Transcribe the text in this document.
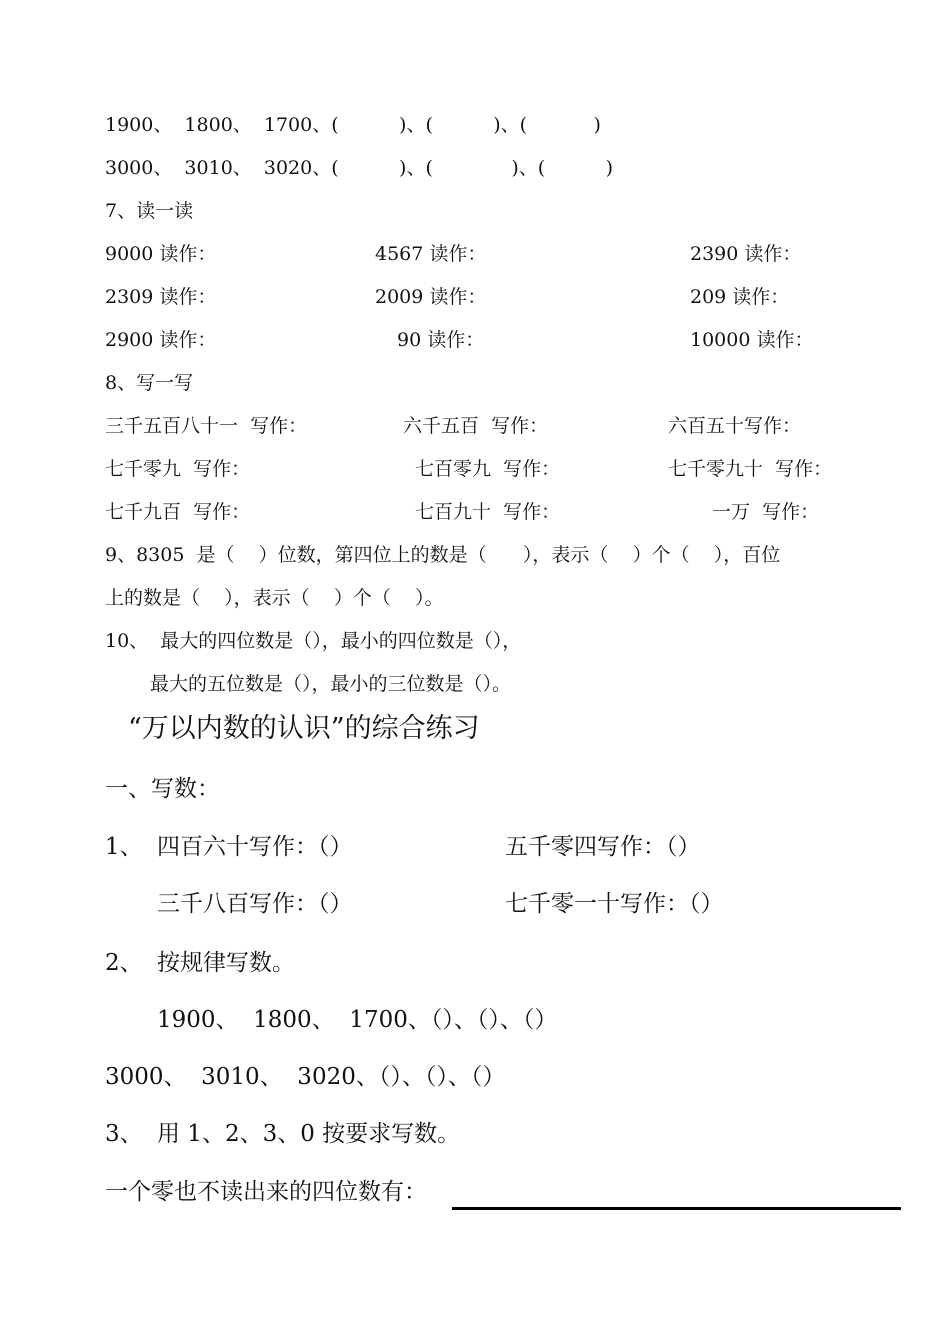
1900、  1800、  1700、(          )、(          )、(           )
3000、  3010、  3020、(          )、(             )、(          )
7、读一读
9000 读作：	4567 读作：	2390 读作：
2309 读作：	2009 读作：	209 读作：
2900 读作：	90 读作：	10000 读作：
8、写一写
三千五百八十一  写作：	六千五百  写作：	六百五十写作：
七千零九  写作：	七百零九  写作：	七千零九十  写作：
七千九百  写作：	七百九十  写作：	一万  写作：
9、8305  是（    ）位数，第四位上的数是（      ），表示（    ）个（    ），百位
上的数是（    ），表示（    ）个（    ）。
10、  最大的四位数是（），最小的四位数是（），
最大的五位数是（），最小的三位数是（）。
“万以内数的认识”的综合练习
一、写数：
1、 四百六十写作：（）	五千零四写作：（）
三千八百写作：（）	七千零一十写作：（）
2、 按规律写数。
1900、  1800、  1700、（）、（）、（）
3000、  3010、  3020、（）、（）、（）
3、 用 1、2、3、0 按要求写数。
一个零也不读出来的四位数有：
